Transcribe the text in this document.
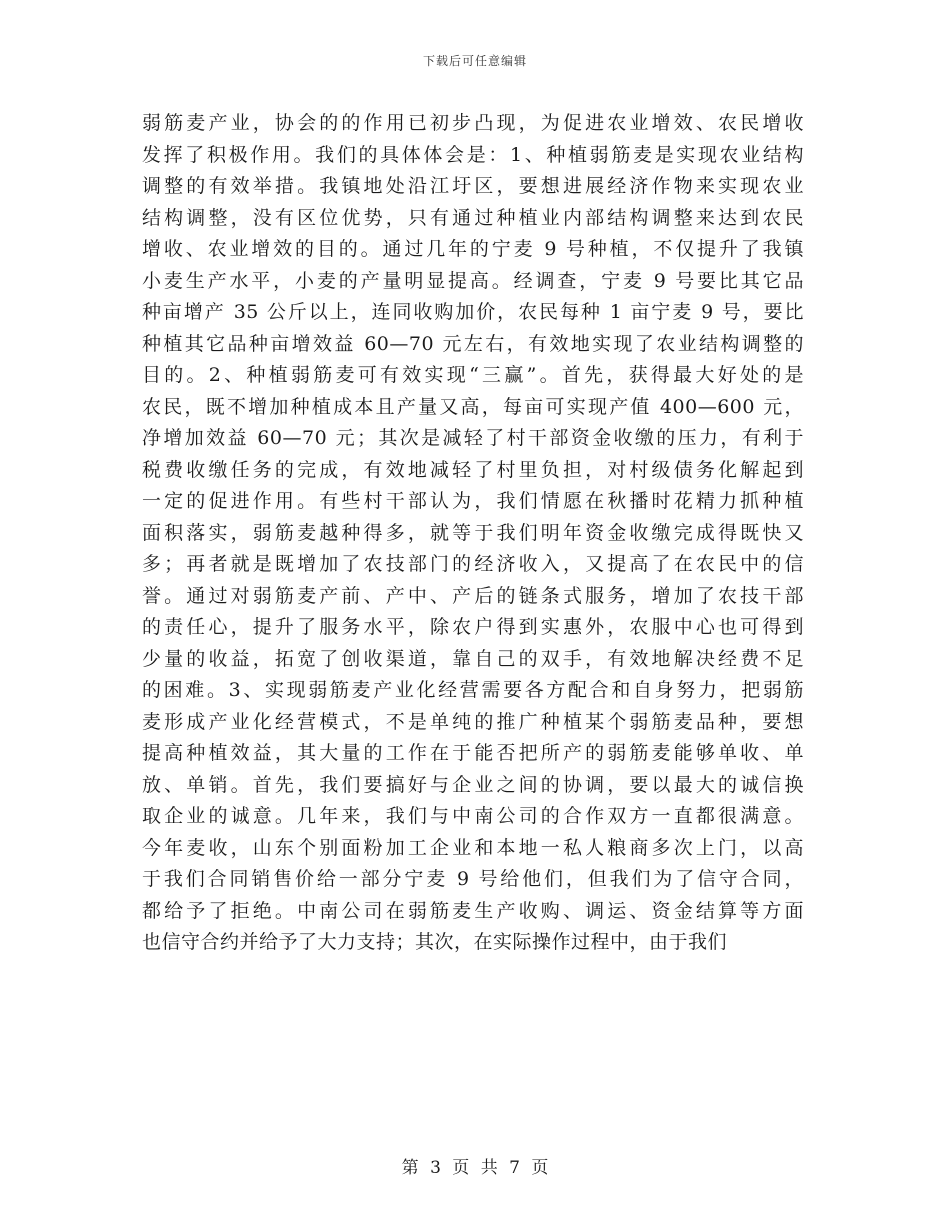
下载后可任意编辑
弱筋麦产业，协会的的作用已初步凸现，为促进农业增效、农民增收
发挥了积极作用。我们的具体体会是：1、种植弱筋麦是实现农业结构
调整的有效举措。我镇地处沿江圩区，要想进展经济作物来实现农业
结构调整，没有区位优势，只有通过种植业内部结构调整来达到农民
增收、农业增效的目的。通过几年的宁麦 9 号种植，不仅提升了我镇
小麦生产水平，小麦的产量明显提高。经调查，宁麦 9 号要比其它品
种亩增产 35 公斤以上，连同收购加价，农民每种 1 亩宁麦 9 号，要比
种植其它品种亩增效益 60—70 元左右，有效地实现了农业结构调整的
目的。2、种植弱筋麦可有效实现“三赢”。首先，获得最大好处的是
农民，既不增加种植成本且产量又高，每亩可实现产值 400—600 元，
净增加效益 60—70 元；其次是减轻了村干部资金收缴的压力，有利于
税费收缴任务的完成，有效地减轻了村里负担，对村级债务化解起到
一定的促进作用。有些村干部认为，我们情愿在秋播时花精力抓种植
面积落实，弱筋麦越种得多，就等于我们明年资金收缴完成得既快又
多；再者就是既增加了农技部门的经济收入，又提高了在农民中的信
誉。通过对弱筋麦产前、产中、产后的链条式服务，增加了农技干部
的责任心，提升了服务水平，除农户得到实惠外，农服中心也可得到
少量的收益，拓宽了创收渠道，靠自己的双手，有效地解决经费不足
的困难。3、实现弱筋麦产业化经营需要各方配合和自身努力，把弱筋
麦形成产业化经营模式，不是单纯的推广种植某个弱筋麦品种，要想
提高种植效益，其大量的工作在于能否把所产的弱筋麦能够单收、单
放、单销。首先，我们要搞好与企业之间的协调，要以最大的诚信换
取企业的诚意。几年来，我们与中南公司的合作双方一直都很满意。
今年麦收，山东个别面粉加工企业和本地一私人粮商多次上门，以高
于我们合同销售价给一部分宁麦 9 号给他们，但我们为了信守合同，
都给予了拒绝。中南公司在弱筋麦生产收购、调运、资金结算等方面
也信守合约并给予了大力支持；其次，在实际操作过程中，由于我们
第 3 页 共 7 页
